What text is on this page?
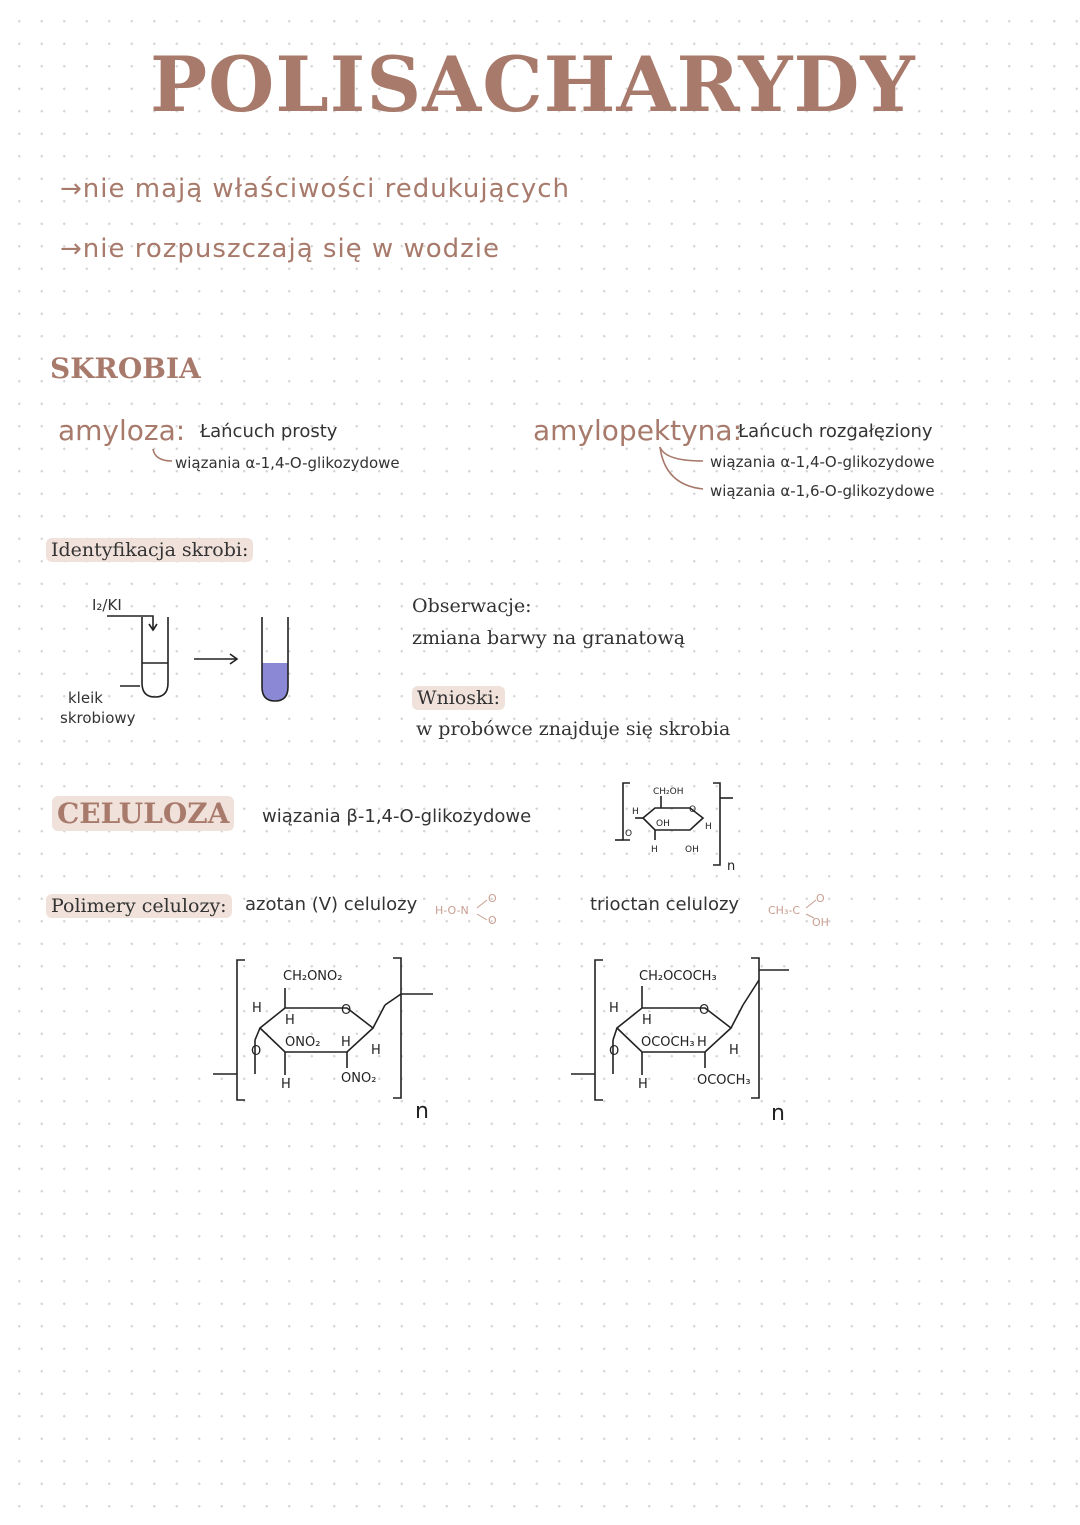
POLISACHARYDY
→nie mają właściwości redukujących
→nie rozpuszczają się w wodzie
SKROBIA
amyloza: Łańcuch prosty
wiązania α-1,4-O-glikozydowe
amylopektyna:
Łańcuch rozgałęziony
wiązania α-1,4-O-glikozydowe
wiązania α-1,6-O-glikozydowe
Identyfikacja skrobi:
I₂/KI
kleik
skrobiowy
Obserwacje:
zmiana barwy na granatową
Wnioski:
w probówce znajduje się skrobia
CELULOZA wiązania β-1,4-O-glikozydowe
CH₂OH
O
H
OH	H
OH
H
O
n
Polimery celulozy: azotan (V) celulozy H-O-N
O
O
trioctan celulozy	CH₃-C
O
OH
CH₂ONO₂
O
H
H
ONO₂ H
H
ONO₂
H
O
n
CH₂OCOCH₃
O
H
H
OCOCH₃ H
H
OCOCH₃
H
O
n
